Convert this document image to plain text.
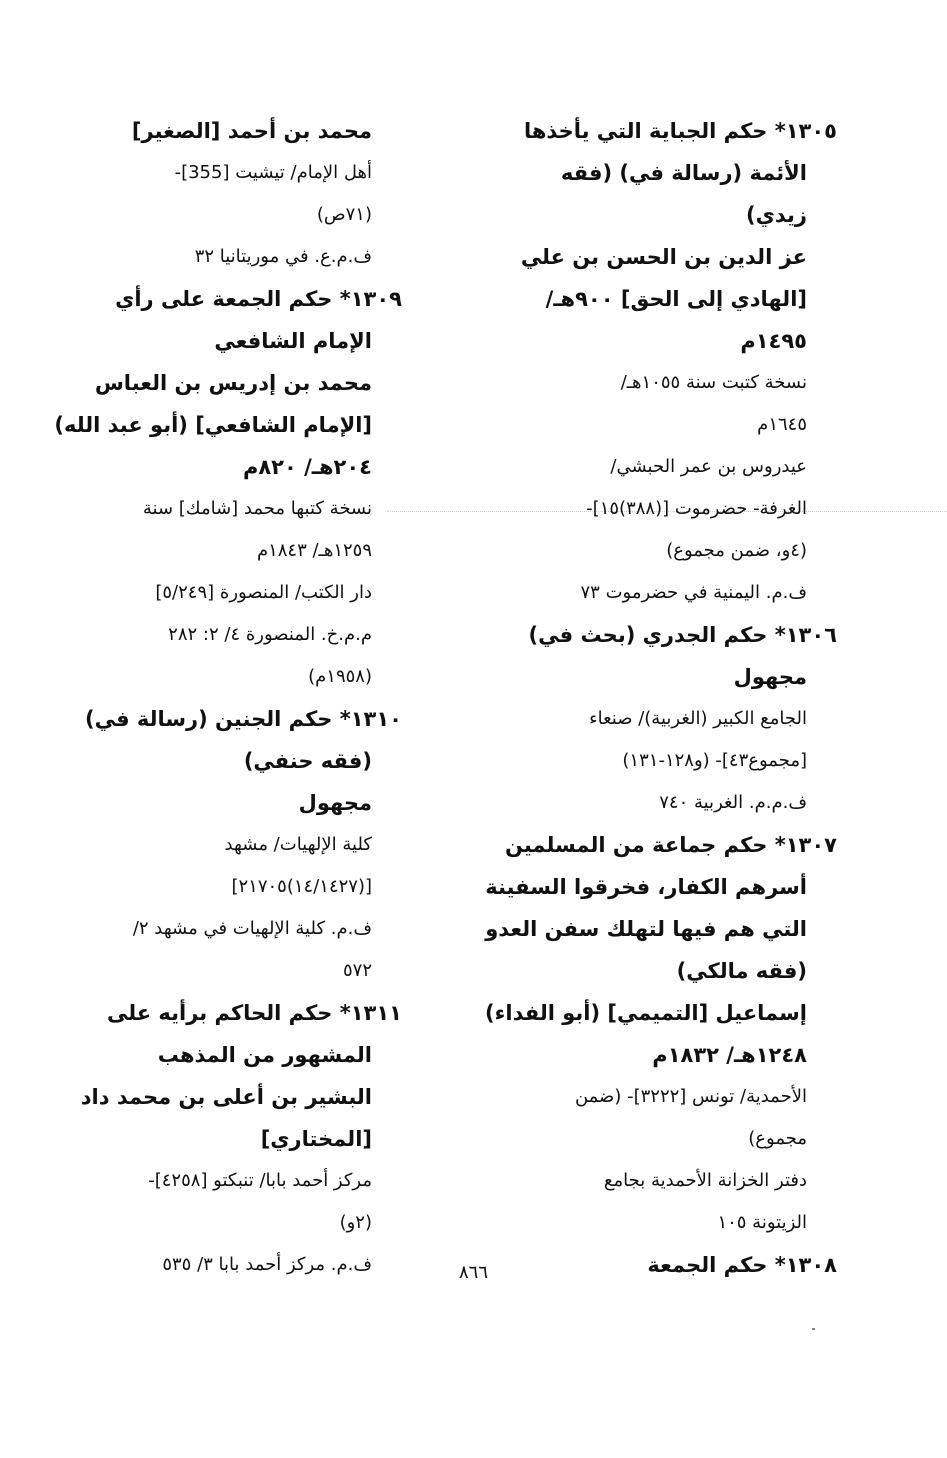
١٣٠٥* حكم الجباية التي يأخذها
الأئمة (رسالة في) (فقه
زيدي)
عز الدين بن الحسن بن علي
[الهادي إلى الحق] ٩٠٠هـ/
١٤٩٥م
نسخة كتبت سنة ١٠٥٥هـ/
١٦٤٥م
عيدروس بن عمر الحبشي/
الغرفة- حضرموت [(٣٨٨)١٥]-
(٤و، ضمن مجموع)
ف.م. اليمنية في حضرموت ٧٣
١٣٠٦* حكم الجدري (بحث في)
مجهول
الجامع الكبير (الغربية)/ صنعاء
[مجموع٤٣]- (و١٢٨-١٣١)
ف.م.م. الغربية ٧٤٠
١٣٠٧* حكم جماعة من المسلمين
أسرهم الكفار، فخرقوا السفينة
التي هم فيها لتهلك سفن العدو
(فقه مالكي)
إسماعيل [التميمي] (أبو الفداء)
١٢٤٨هـ/ ١٨٣٢م
الأحمدية/ تونس [٣٢٢٢]- (ضمن
مجموع)
دفتر الخزانة الأحمدية بجامع
الزيتونة ١٠٥
١٣٠٨* حكم الجمعة
محمد بن أحمد [الصغير]
أهل الإمام/ تيشيت [355]-
(٧١ص)
ف.م.ع. في موريتانيا ٣٢
١٣٠٩* حكم الجمعة على رأي
الإمام الشافعي
محمد بن إدريس بن العباس
[الإمام الشافعي] (أبو عبد الله)
٢٠٤هـ/ ٨٢٠م
نسخة كتبها محمد [شامك] سنة
١٢٥٩هـ/ ١٨٤٣م
دار الكتب/ المنصورة [٥/٢٤٩]
م.م.خ. المنصورة ٤/ ٢: ٢٨٢
(١٩٥٨م)
١٣١٠* حكم الجنين (رسالة في)
(فقه حنفي)
مجهول
كلية الإلهيات/ مشهد
[(١٤/١٤٢٧)٢١٧٠٥]
ف.م. كلية الإلهيات في مشهد ٢/
٥٧٢
١٣١١* حكم الحاكم برأيه على
المشهور من المذهب
البشير بن أعلى بن محمد داد
[المختاري]
مركز أحمد بابا/ تنبكتو [٤٢٥٨]-
(٢و)
ف.م. مركز أحمد بابا ٣/ ٥٣٥	٨٦٦
